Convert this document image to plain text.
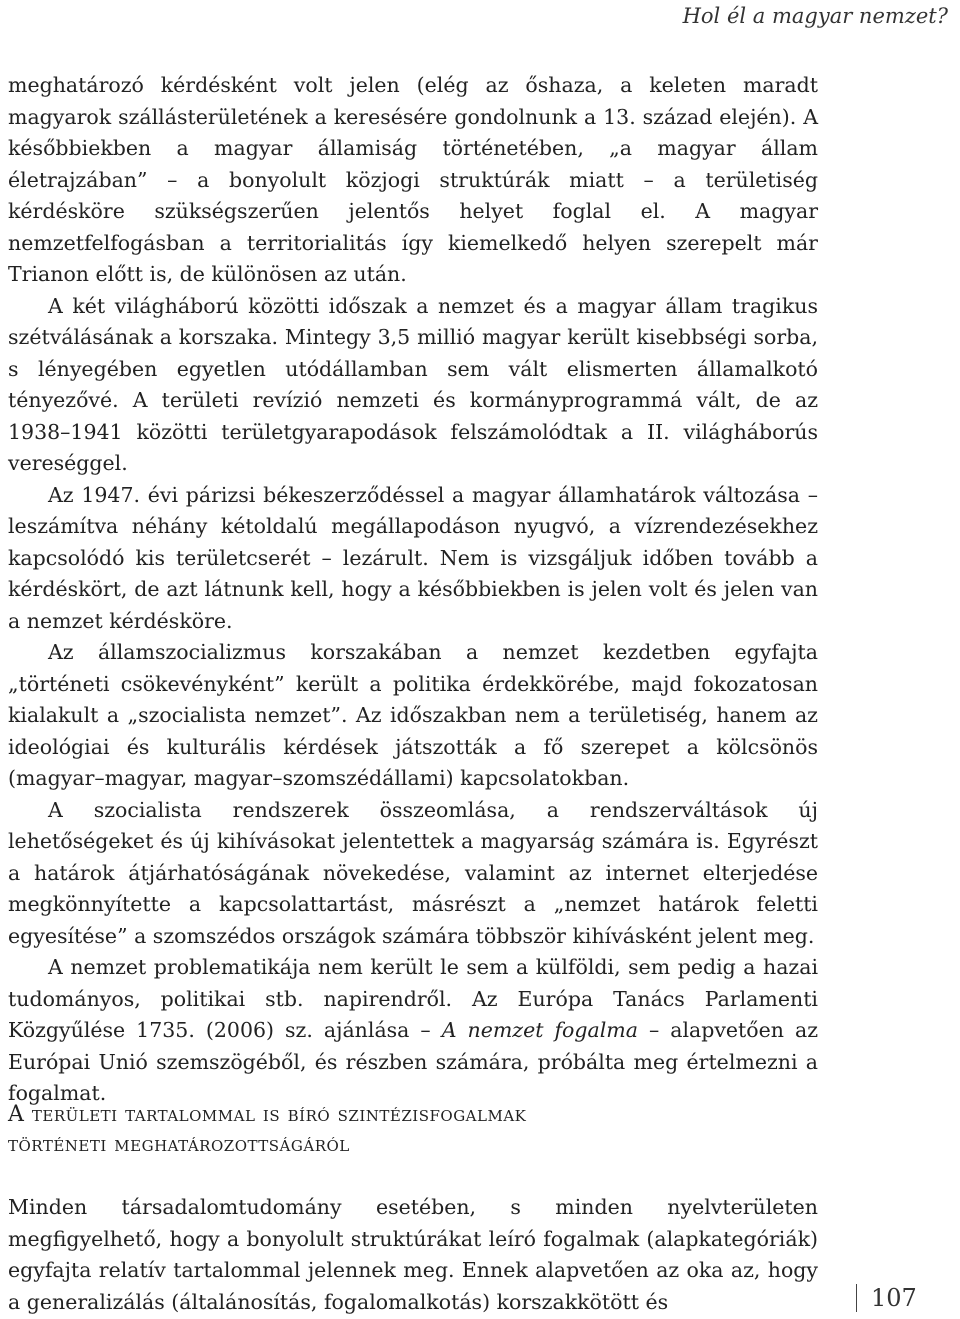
Hol él a magyar nemzet?

meghatározó kérdésként volt jelen (elég az őshaza, a keleten maradt magyarok szállásterületének a keresésére gondolnunk a 13. század elején). A későbbiekben a magyar államiság történetében, „a magyar állam életrajzában” – a bonyolult közjogi struktúrák miatt – a területiség kérdésköre szükségszerűen jelentős helyet foglal el. A magyar nemzetfelfogásban a territorialitás így kiemelkedő helyen szerepelt már Trianon előtt is, de különösen az után.

A két világháború közötti időszak a nemzet és a magyar állam tragikus szétválásának a korszaka. Mintegy 3,5 millió magyar került kisebbségi sorba, s lényegében egyetlen utódállamban sem vált elismerten államalkotó tényezővé. A területi revízió nemzeti és kormányprogrammá vált, de az 1938–1941 közötti területgyarapodások felszámolódtak a II. világháborús vereséggel.

Az 1947. évi párizsi békeszerződéssel a magyar államhatárok változása – leszámítva néhány kétoldalú megállapodáson nyugvó, a vízrendezésekhez kapcsolódó kis területcserét – lezárult. Nem is vizsgáljuk időben tovább a kérdéskört, de azt látnunk kell, hogy a későbbiekben is jelen volt és jelen van a nemzet kérdésköre.

Az államszocializmus korszakában a nemzet kezdetben egyfajta „történeti csökevényként” került a politika érdekkörébe, majd fokozatosan kialakult a „szocialista nemzet”. Az időszakban nem a területiség, hanem az ideológiai és kulturális kérdések játszották a fő szerepet a kölcsönös (magyar–magyar, magyar–szomszédállami) kapcsolatokban.

A szocialista rendszerek összeomlása, a rendszerváltások új lehetőségeket és új kihívásokat jelentettek a magyarság számára is. Egyrészt a határok átjárhatóságának növekedése, valamint az internet elterjedése megkönnyítette a kapcsolattartást, másrészt a „nemzet határok feletti egyesítése” a szomszédos országok számára többször kihívásként jelent meg.

A nemzet problematikája nem került le sem a külföldi, sem pedig a hazai tudományos, politikai stb. napirendről. Az Európa Tanács Parlamenti Közgyűlése 1735. (2006) sz. ajánlása – A nemzet fogalma – alapvetően az Európai Unió szemszögéből, és részben számára, próbálta meg értelmezni a fogalmat.

A területi tartalommal is bíró szintézisfogalmak
történeti meghatározottságáról

Minden társadalomtudomány esetében, s minden nyelvterületen megfigyelhető, hogy a bonyolult struktúrákat leíró fogalmak (alapkategóriák) egyfajta relatív tartalommal jelennek meg. Ennek alapvetően az oka az, hogy a generalizálás (általánosítás, fogalomalkotás) korszakkötött és	107
